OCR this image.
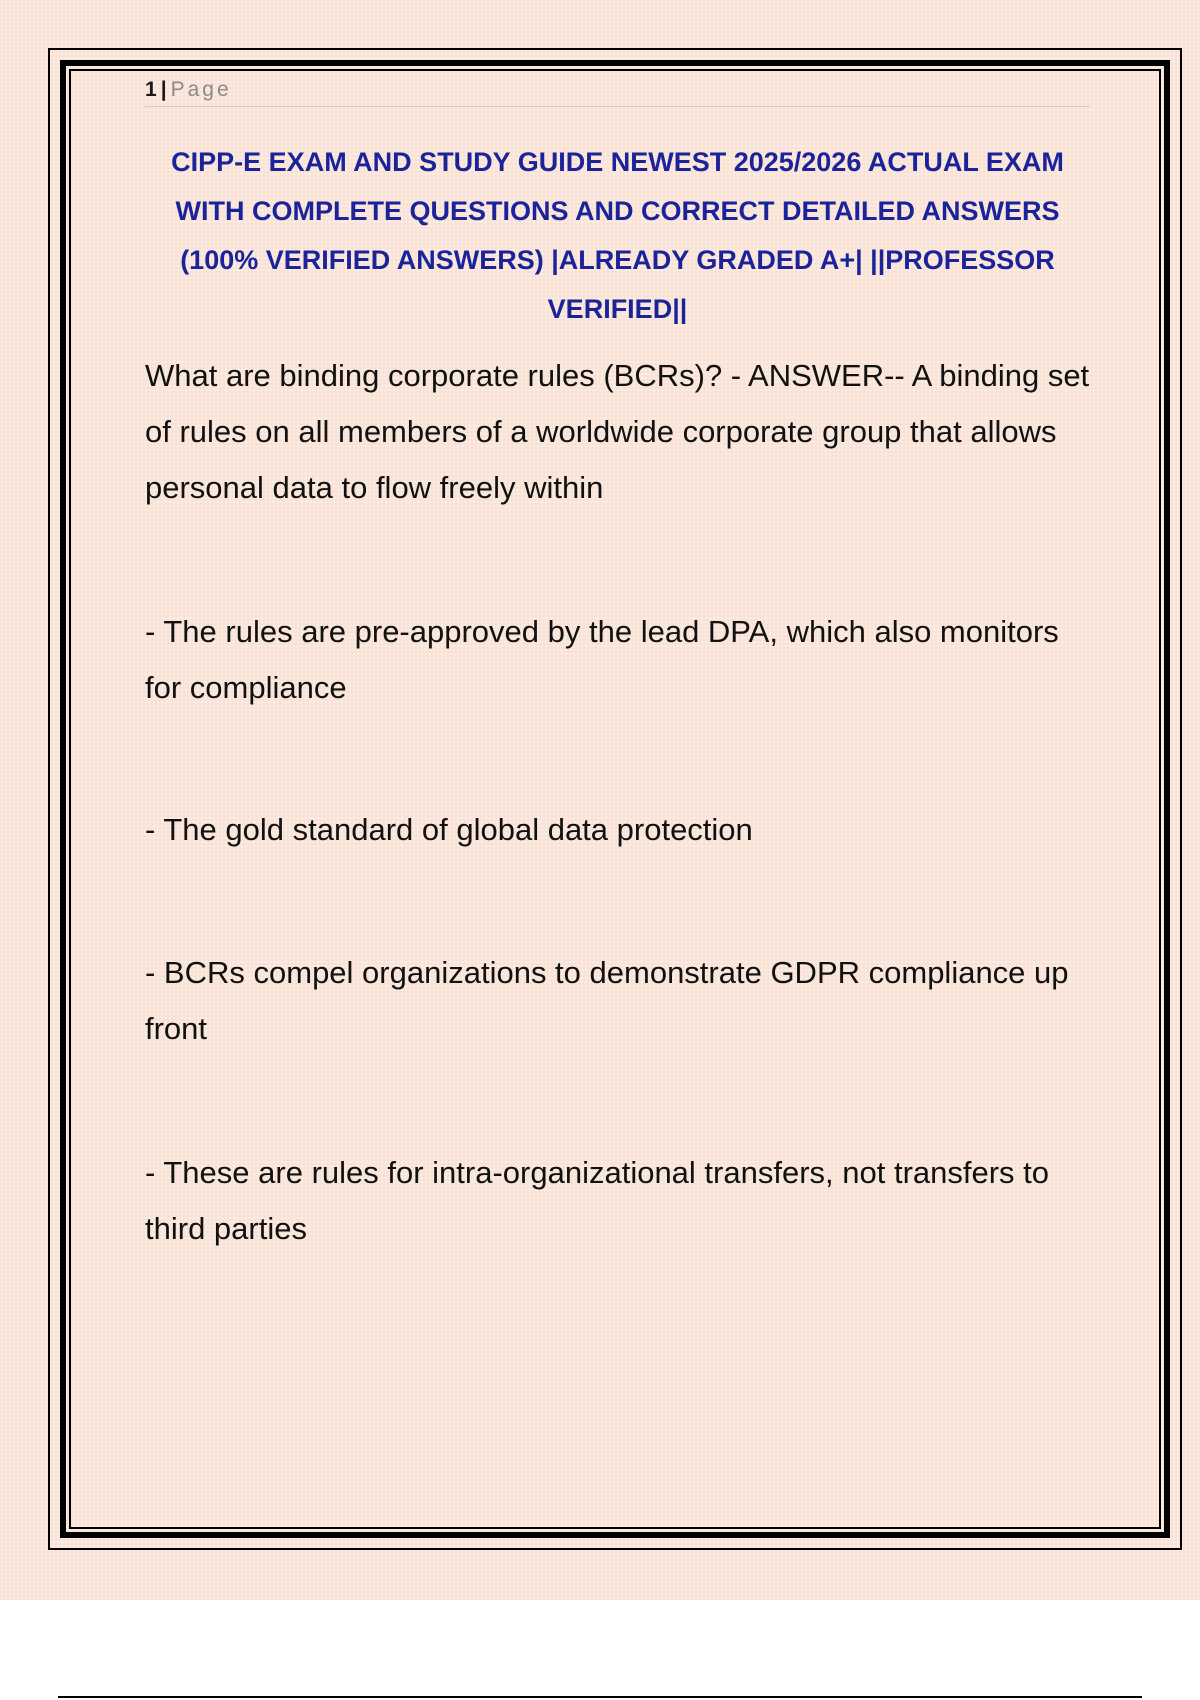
1 | Page
CIPP-E EXAM AND STUDY GUIDE NEWEST 2025/2026 ACTUAL EXAM WITH COMPLETE QUESTIONS AND CORRECT DETAILED ANSWERS (100% VERIFIED ANSWERS) |ALREADY GRADED A+| ||PROFESSOR VERIFIED||
What are binding corporate rules (BCRs)? - ANSWER-- A binding set of rules on all members of a worldwide corporate group that allows personal data to flow freely within
- The rules are pre-approved by the lead DPA, which also monitors for compliance
- The gold standard of global data protection
- BCRs compel organizations to demonstrate GDPR compliance up front
- These are rules for intra-organizational transfers, not transfers to third parties
